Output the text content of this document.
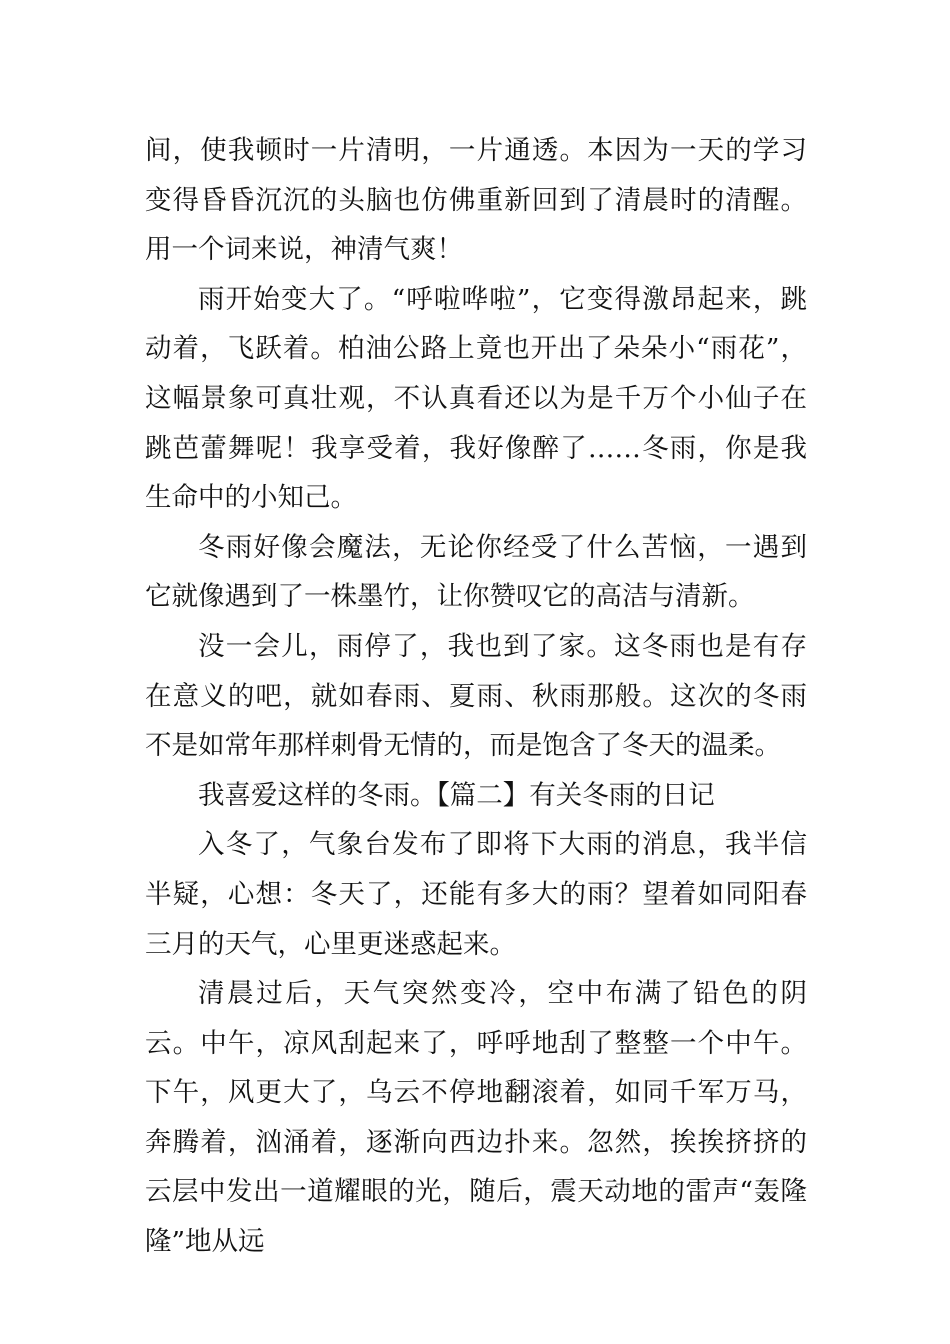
间，使我顿时一片清明，一片通透。本因为一天的学习变得昏昏沉沉的头脑也仿佛重新回到了清晨时的清醒。用一个词来说，神清气爽！

雨开始变大了。“呼啦哗啦”，它变得激昂起来，跳动着，飞跃着。柏油公路上竟也开出了朵朵小“雨花”，这幅景象可真壮观，不认真看还以为是千万个小仙子在跳芭蕾舞呢！我享受着，我好像醉了……冬雨，你是我生命中的小知己。

冬雨好像会魔法，无论你经受了什么苦恼，一遇到它就像遇到了一株墨竹，让你赞叹它的高洁与清新。

没一会儿，雨停了，我也到了家。这冬雨也是有存在意义的吧，就如春雨、夏雨、秋雨那般。这次的冬雨不是如常年那样刺骨无情的，而是饱含了冬天的温柔。

我喜爱这样的冬雨。【篇二】有关冬雨的日记

入冬了，气象台发布了即将下大雨的消息，我半信半疑，心想：冬天了，还能有多大的雨？望着如同阳春三月的天气，心里更迷惑起来。

清晨过后，天气突然变冷，空中布满了铅色的阴云。中午，凉风刮起来了，呼呼地刮了整整一个中午。下午，风更大了，乌云不停地翻滚着，如同千军万马，奔腾着，汹涌着，逐渐向西边扑来。忽然，挨挨挤挤的云层中发出一道耀眼的光，随后，震天动地的雷声“轰隆隆”地从远
